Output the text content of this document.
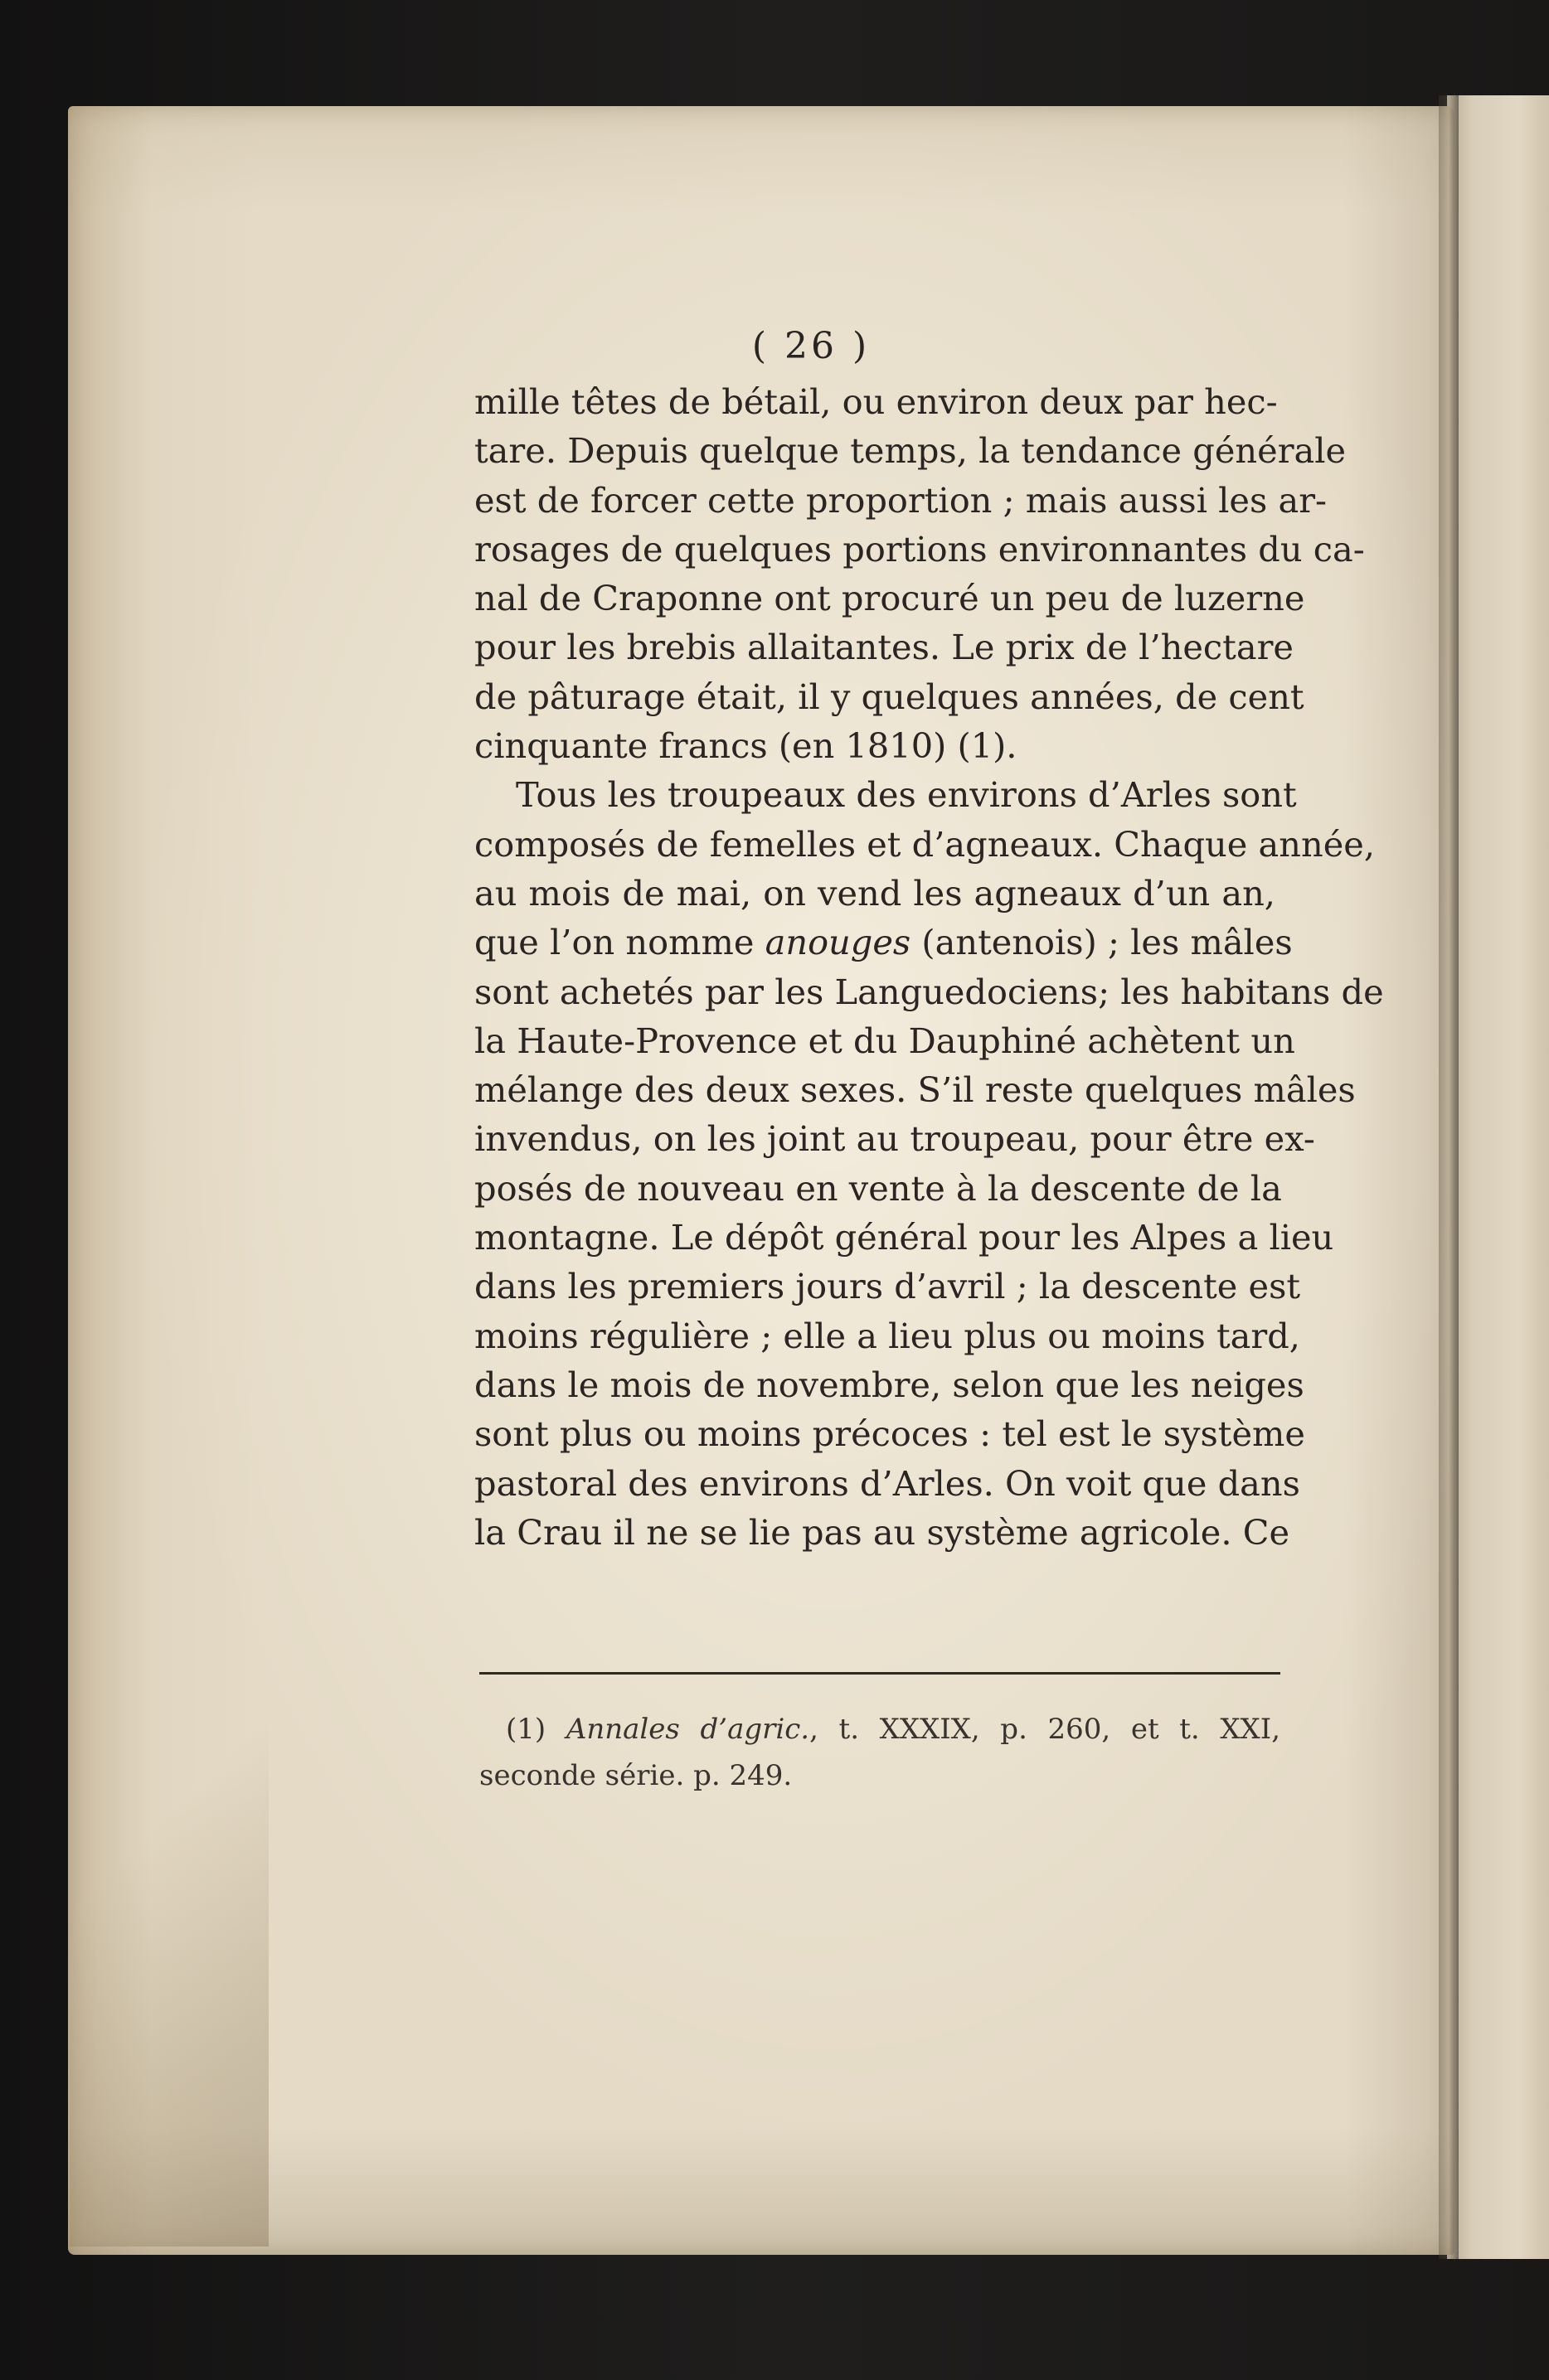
( 26 )
mille têtes de bétail, ou environ deux par hec-
tare. Depuis quelque temps, la tendance générale
est de forcer cette proportion ; mais aussi les ar-
rosages de quelques portions environnantes du ca-
nal de Craponne ont procuré un peu de luzerne
pour les brebis allaitantes. Le prix de l’hectare
de pâturage était, il y quelques années, de cent
cinquante francs (en 1810) (1).
Tous les troupeaux des environs d’Arles sont
composés de femelles et d’agneaux. Chaque année,
au mois de mai, on vend les agneaux d’un an,
que l’on nomme anouges (antenois) ; les mâles
sont achetés par les Languedociens; les habitans de
la Haute-Provence et du Dauphiné achètent un
mélange des deux sexes. S’il reste quelques mâles
invendus, on les joint au troupeau, pour être ex-
posés de nouveau en vente à la descente de la
montagne. Le dépôt général pour les Alpes a lieu
dans les premiers jours d’avril ; la descente est
moins régulière ; elle a lieu plus ou moins tard,
dans le mois de novembre, selon que les neiges
sont plus ou moins précoces : tel est le système
pastoral des environs d’Arles. On voit que dans
la Crau il ne se lie pas au système agricole. Ce
(1) Annales d’agric., t. XXXIX, p. 260, et t. XXI,
seconde série. p. 249.
